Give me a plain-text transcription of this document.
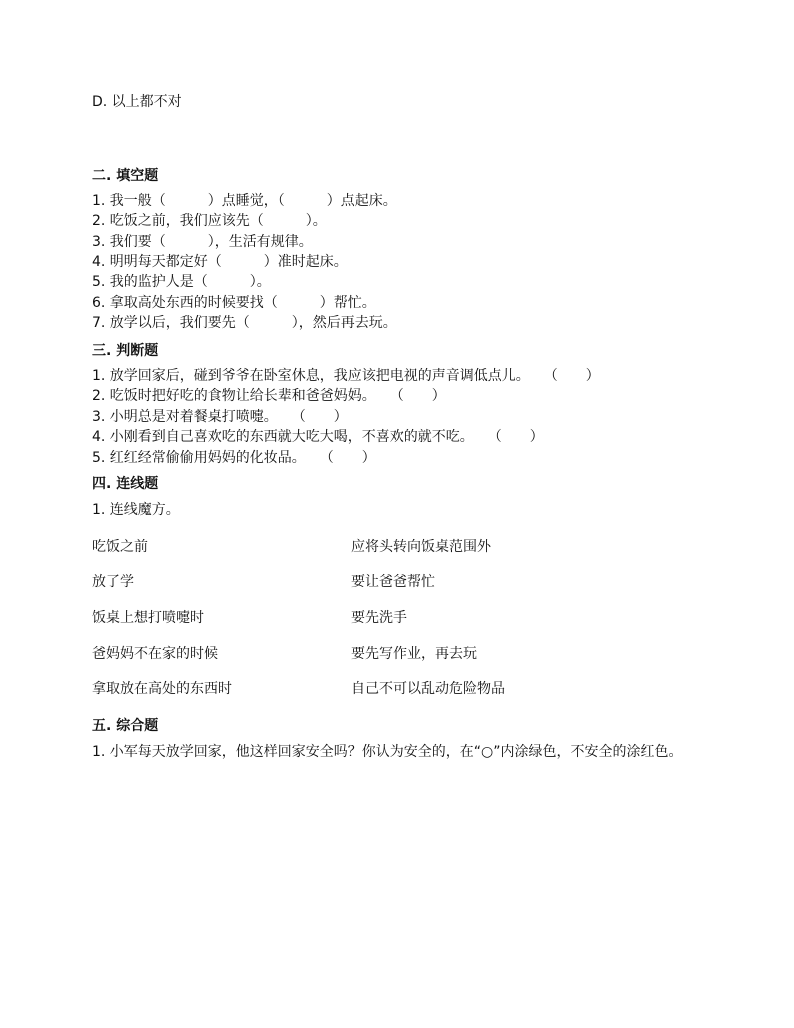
D. 以上都不对
二. 填空题
1. 我一般（　　　）点睡觉，（　　　）点起床。
2. 吃饭之前，我们应该先（　　　）。
3. 我们要（　　　），生活有规律。
4. 明明每天都定好（　　　）准时起床。
5. 我的监护人是（　　　）。
6. 拿取高处东西的时候要找（　　　）帮忙。
7. 放学以后，我们要先（　　　），然后再去玩。
三. 判断题
1. 放学回家后，碰到爷爷在卧室休息，我应该把电视的声音调低点儿。　　（　　）
2. 吃饭时把好吃的食物让给长辈和爸爸妈妈。　　（　　）
3. 小明总是对着餐桌打喷嚏。　　（　　）
4. 小刚看到自己喜欢吃的东西就大吃大喝，不喜欢的就不吃。　　（　　）
5. 红红经常偷偷用妈妈的化妆品。　　（　　）
四. 连线题
1. 连线魔方。
吃饭之前	应将头转向饭桌范围外
放了学	要让爸爸帮忙
饭桌上想打喷嚏时	要先洗手
爸妈妈不在家的时候	要先写作业，再去玩
拿取放在高处的东西时	自己不可以乱动危险物品
五. 综合题
1. 小军每天放学回家，他这样回家安全吗？你认为安全的，在“○”内涂绿色，不安全的涂红色。
